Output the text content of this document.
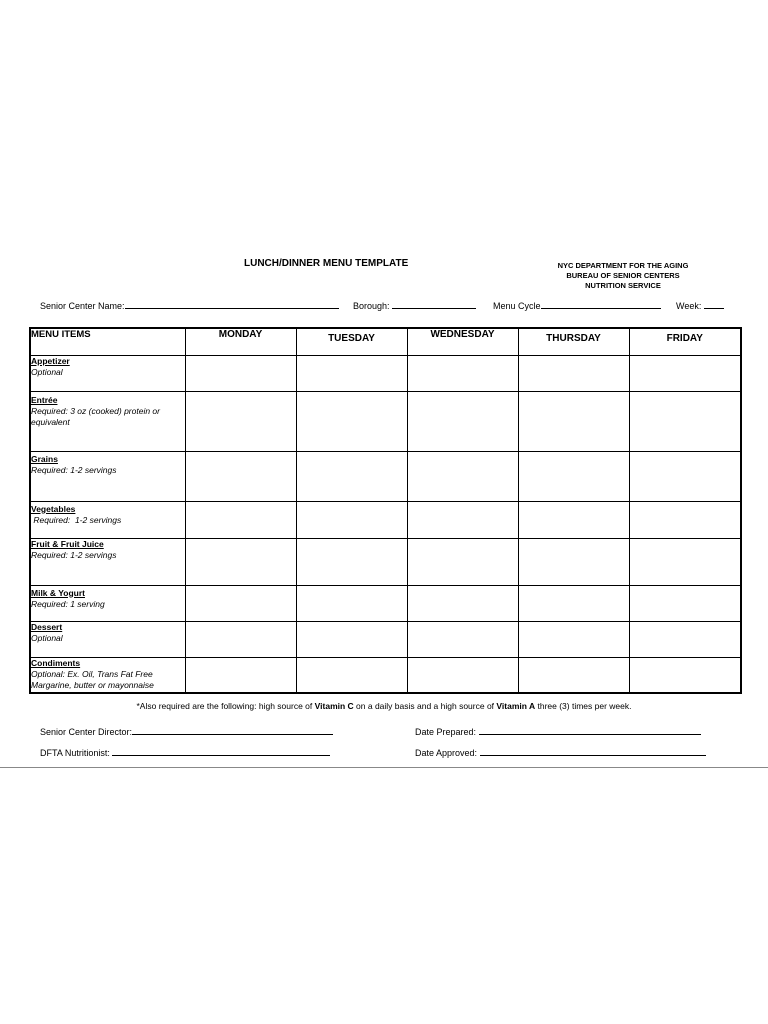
LUNCH/DINNER MENU TEMPLATE	NYC DEPARTMENT FOR THE AGING
BUREAU OF SENIOR CENTERS
NUTRITION SERVICE
Senior Center Name:	Borough:	Menu Cycle	Week:
MENU ITEMS	MONDAY	TUESDAY	WEDNESDAY	THURSDAY	FRIDAY

Appetizer
Optional					

Entrée
Required: 3 oz (cooked) protein or equivalent					

Grains
Required: 1-2 servings					

Vegetables
Required:  1-2 servings					

Fruit & Fruit Juice
Required: 1-2 servings					

Milk & Yogurt
Required: 1 serving					

Dessert
Optional					

Condiments
Optional: Ex. Oil, Trans Fat Free Margarine, butter or mayonnaise					

*Also required are the following: high source of Vitamin C on a daily basis and a high source of Vitamin A three (3) times per week.
Senior Center Director:
DFTA Nutritionist:
Date Prepared:
Date Approved:
